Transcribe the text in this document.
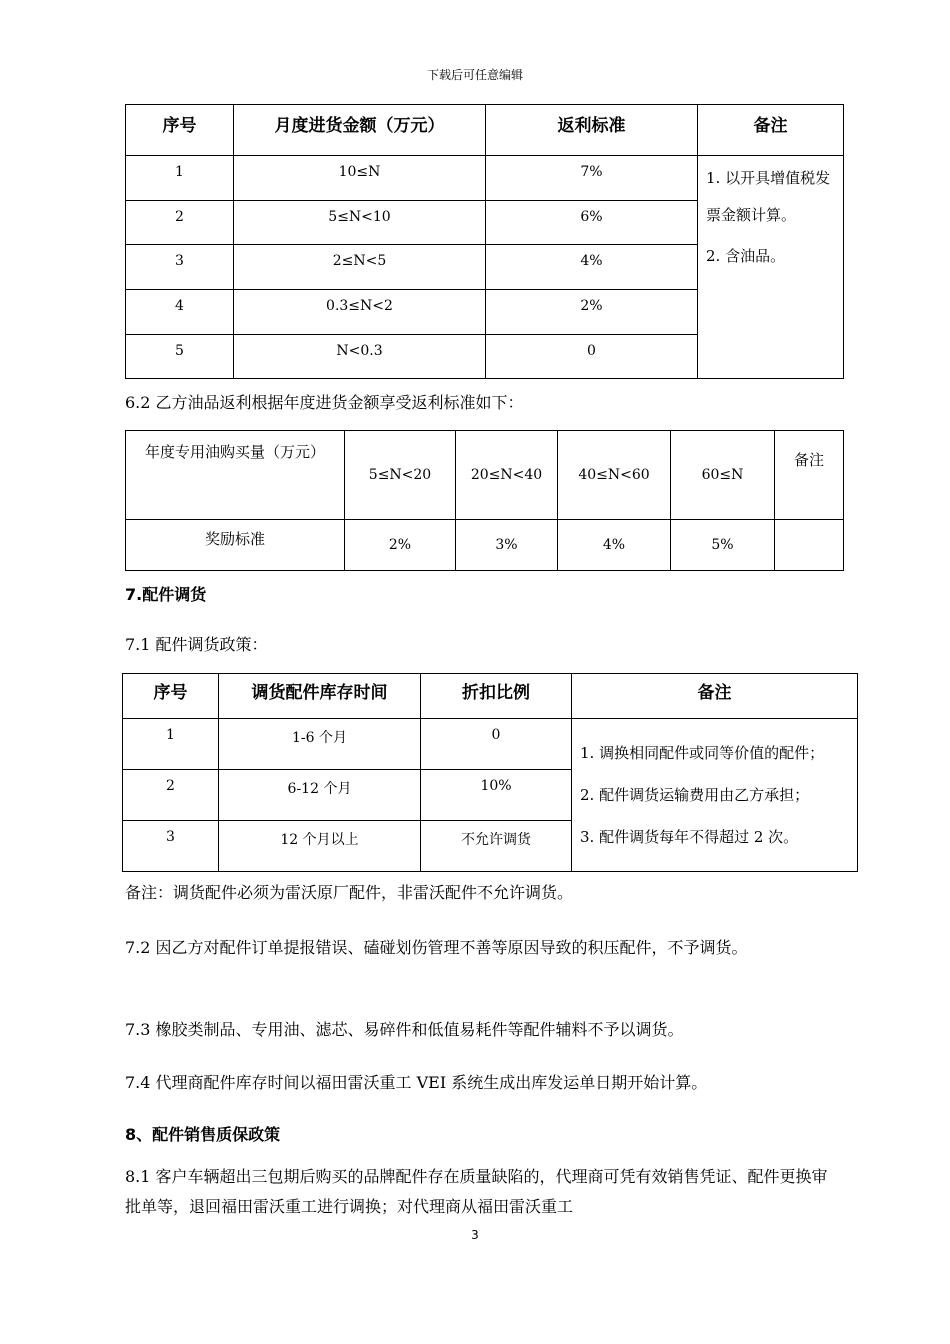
下载后可任意编辑
序号	月度进货金额（万元）	返利标准	备注
1	10≤N	7%	1. 以开具增值税发票金额计算。
2. 含油品。

2	5≤N<10	6%	
3	2≤N<5	4%	
4	0.3≤N<2	2%	
5	N<0.3	0	
6.2 乙方油品返利根据年度进货金额享受返利标准如下：
年度专用油购买量（万元）	5≤N<20	20≤N<40	40≤N<60	60≤N	备注
奖励标准	2%	3%	4%	5%	
7.配件调货
7.1 配件调货政策：
序号	调货配件库存时间	折扣比例	备注
1	1-6 个月	0	1. 调换相同配件或同等价值的配件；
2. 配件调货运输费用由乙方承担；
3. 配件调货每年不得超过 2 次。

2	6-12 个月	10%	
3	12 个月以上	不允许调货	
备注：调货配件必须为雷沃原厂配件，非雷沃配件不允许调货。
7.2 因乙方对配件订单提报错误、磕碰划伤管理不善等原因导致的积压配件，不予调货。
7.3 橡胶类制品、专用油、滤芯、易碎件和低值易耗件等配件辅料不予以调货。
7.4 代理商配件库存时间以福田雷沃重工 VEI 系统生成出库发运单日期开始计算。
8、配件销售质保政策
8.1 客户车辆超出三包期后购买的品牌配件存在质量缺陷的，代理商可凭有效销售凭证、配件更换审批单等，退回福田雷沃重工进行调换；对代理商从福田雷沃重工
3
